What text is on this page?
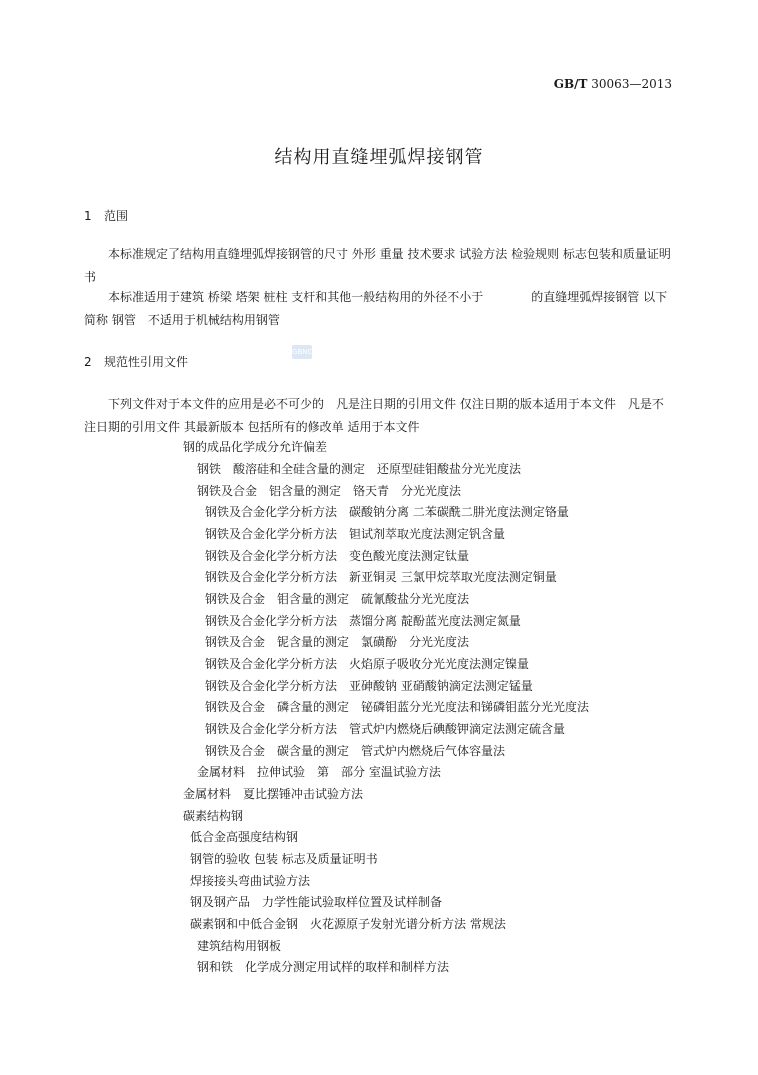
GB/T 30063—2013
结构用直缝埋弧焊接钢管
1 范围
本标准规定了结构用直缝埋弧焊接钢管的尺寸 外形 重量 技术要求 试验方法 检验规则 标志包装和质量证明书
本标准适用于建筑 桥梁 塔架 桩柱 支杆和其他一般结构用的外径不小于　　　　的直缝埋弧焊接钢管 以下简称 钢管　不适用于机械结构用钢管
2 规范性引用文件
GBNC
下列文件对于本文件的应用是必不可少的　凡是注日期的引用文件 仅注日期的版本适用于本文件　凡是不注日期的引用文件 其最新版本 包括所有的修改单 适用于本文件
钢的成品化学成分允许偏差
钢铁　酸溶硅和全硅含量的测定　还原型硅钼酸盐分光光度法
钢铁及合金　铝含量的测定　铬天青　分光光度法
钢铁及合金化学分析方法　碳酸钠分离 二苯碳酰二肼光度法测定铬量
钢铁及合金化学分析方法　钽试剂萃取光度法测定钒含量
钢铁及合金化学分析方法　变色酸光度法测定钛量
钢铁及合金化学分析方法　新亚铜灵 三氯甲烷萃取光度法测定铜量
钢铁及合金　钼含量的测定　硫氰酸盐分光光度法
钢铁及合金化学分析方法　蒸馏分离 靛酚蓝光度法测定氮量
钢铁及合金　铌含量的测定　氯磺酚　分光光度法
钢铁及合金化学分析方法　火焰原子吸收分光光度法测定镍量
钢铁及合金化学分析方法　亚砷酸钠 亚硝酸钠滴定法测定锰量
钢铁及合金　磷含量的测定　铋磷钼蓝分光光度法和锑磷钼蓝分光光度法
钢铁及合金化学分析方法　管式炉内燃烧后碘酸钾滴定法测定硫含量
钢铁及合金　碳含量的测定　管式炉内燃烧后气体容量法
金属材料　拉伸试验　第　部分 室温试验方法
金属材料　夏比摆锤冲击试验方法
碳素结构钢
低合金高强度结构钢
钢管的验收 包装 标志及质量证明书
焊接接头弯曲试验方法
钢及钢产品　力学性能试验取样位置及试样制备
碳素钢和中低合金钢　火花源原子发射光谱分析方法 常规法
建筑结构用钢板
钢和铁　化学成分测定用试样的取样和制样方法
